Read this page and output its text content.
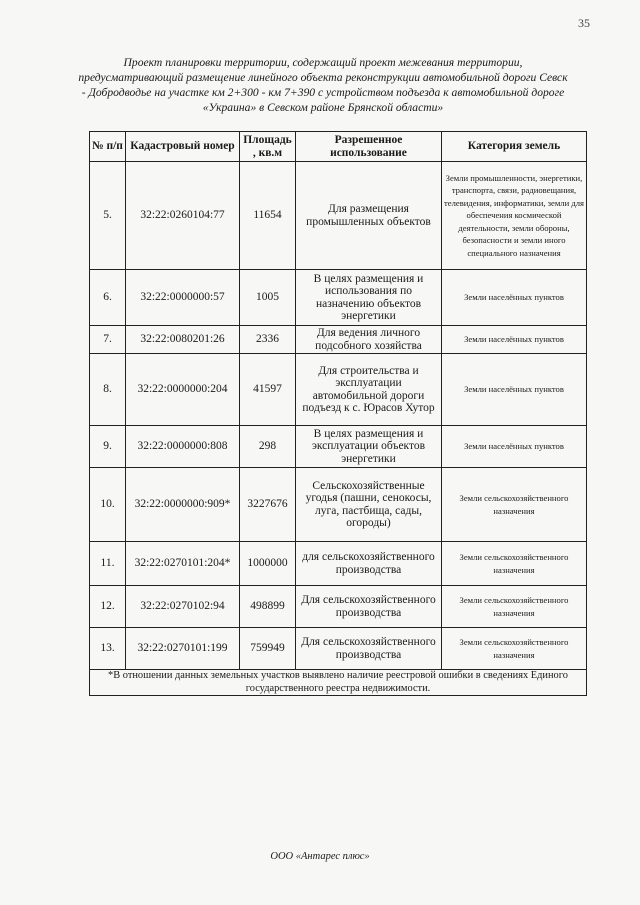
35
Проект планировки территории, содержащий проект межевания территории, предусматривающий размещение линейного объекта реконструкции автомобильной дороги Севск - Добродводье на участке км 2+300 - км 7+390 с устройством подъезда к автомобильной дороге «Украина» в Севском районе Брянской области»
№ п/п	Кадастровый номер	Площадь , кв.м	Разрешенное использование	Категория земель
5.	32:22:0260104:77	11654	Для размещения промышленных объектов	Земли промышленности, энергетики, транспорта, связи, радиовещания, телевидения, информатики, земли для обеспечения космической деятельности, земли обороны, безопасности и земли иного специального назначения
6.	32:22:0000000:57	1005	В целях размещения и использования по назначению объектов энергетики	Земли населённых пунктов
7.	32:22:0080201:26	2336	Для ведения личного подсобного хозяйства	Земли населённых пунктов
8.	32:22:0000000:204	41597	Для строительства и эксплуатации автомобильной дороги подъезд к с. Юрасов Хутор	Земли населённых пунктов
9.	32:22:0000000:808	298	В целях размещения и эксплуатации объектов энергетики	Земли населённых пунктов
10.	32:22:0000000:909*	3227676	Сельскохозяйственные угодья (пашни, сенокосы, луга, пастбища, сады, огороды)	Земли сельскохозяйственного назначения
11.	32:22:0270101:204*	1000000	для сельскохозяйственного производства	Земли сельскохозяйственного назначения
12.	32:22:0270102:94	498899	Для сельскохозяйственного производства	Земли сельскохозяйственного назначения
13.	32:22:0270101:199	759949	Для сельскохозяйственного производства	Земли сельскохозяйственного назначения
*В отношении данных земельных участков выявлено наличие реестровой ошибки в сведениях Единого государственного реестра недвижимости.				
ООО «Антарес плюс»
